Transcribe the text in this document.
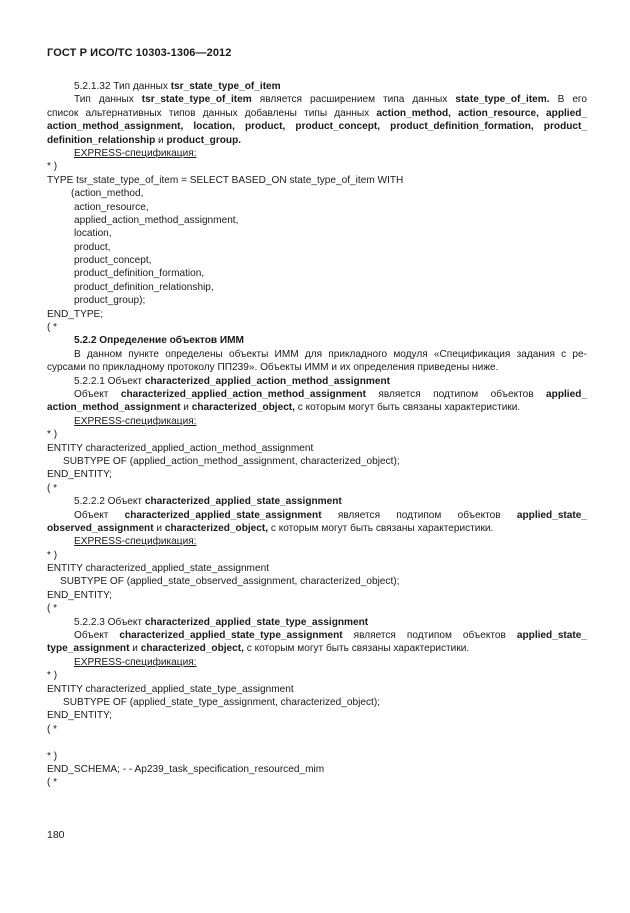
ГОСТ Р ИСО/ТС 10303-1306—2012
5.2.1.32 Тип данных tsr_state_type_of_item
Тип данных tsr_state_type_of_item является расширением типа данных state_type_of_item. В его
список альтернативных типов данных добавлены типы данных action_method, action_resource, applied_
action_method_assignment, location, product, product_concept, product_definition_formation, product_
definition_relationship и product_group.
EXPRESS-спецификация:
* )
TYPE tsr_state_type_of_item = SELECT BASED_ON state_type_of_item WITH
(action_method,
action_resource,
applied_action_method_assignment,
location,
product,
product_concept,
product_definition_formation,
product_definition_relationship,
product_group);
END_TYPE;
( *
5.2.2 Определение объектов ИММ
В данном пункте определены объекты ИММ для прикладного модуля «Спецификация задания с ре-
сурсами по прикладному протоколу ПП239». Объекты ИММ и их определения приведены ниже.
5.2.2.1 Объект characterized_applied_action_method_assignment
Объект characterized_applied_action_method_assignment является подтипом объектов applied_
action_method_assignment и characterized_object, с которым могут быть связаны характеристики.
EXPRESS-спецификация:
* )
ENTITY characterized_applied_action_method_assignment
SUBTYPE OF (applied_action_method_assignment, characterized_object);
END_ENTITY;
( *
5.2.2.2 Объект characterized_applied_state_assignment
Объект characterized_applied_state_assignment является подтипом объектов applied_state_
observed_assignment и characterized_object, с которым могут быть связаны характеристики.
EXPRESS-спецификация:
* )
ENTITY characterized_applied_state_assignment
SUBTYPE OF (applied_state_observed_assignment, characterized_object);
END_ENTITY;
( *
5.2.2.3 Объект characterized_applied_state_type_assignment
Объект characterized_applied_state_type_assignment является подтипом объектов applied_state_
type_assignment и characterized_object, с которым могут быть связаны характеристики.
EXPRESS-спецификация:
* )
ENTITY characterized_applied_state_type_assignment
SUBTYPE OF (applied_state_type_assignment, characterized_object);
END_ENTITY;
( *
* )
END_SCHEMA; - - Ap239_task_specification_resourced_mim
( *
180
